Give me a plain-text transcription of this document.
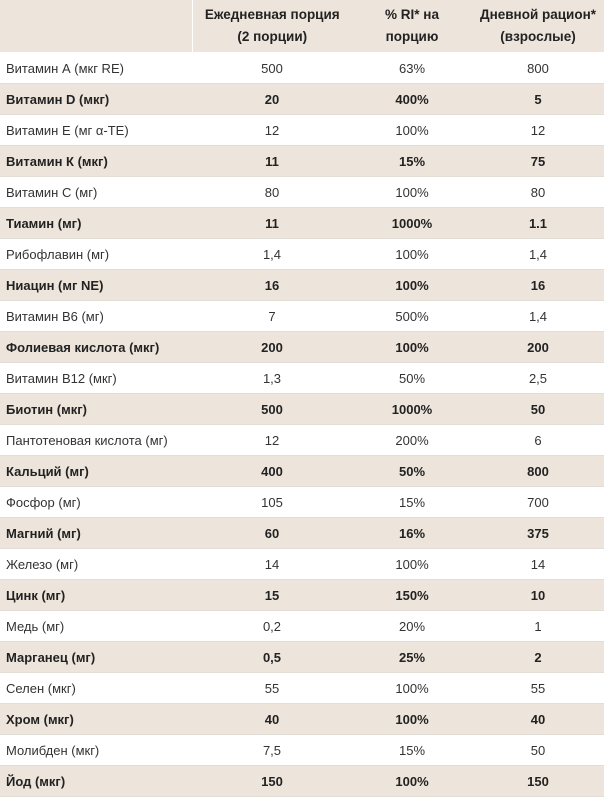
	Ежедневная порция (2 порции)	% RI* на порцию	Дневной рацион* (взрослые)
Витамин А (мкг RE)	500	63%	800
Витамин D (мкг)	20	400%	5
Витамин Е (мг α-TE)	12	100%	12
Витамин К (мкг)	11	15%	75
Витамин С (мг)	80	100%	80
Тиамин (мг)	11	1000%	1.1
Рибофлавин (мг)	1,4	100%	1,4
Ниацин (мг NE)	16	100%	16
Витамин В6 (мг)	7	500%	1,4
Фолиевая кислота (мкг)	200	100%	200
Витамин В12 (мкг)	1,3	50%	2,5
Биотин (мкг)	500	1000%	50
Пантотеновая кислота (мг)	12	200%	6
Кальций (мг)	400	50%	800
Фосфор (мг)	105	15%	700
Магний (мг)	60	16%	375
Железо (мг)	14	100%	14
Цинк (мг)	15	150%	10
Медь (мг)	0,2	20%	1
Марганец (мг)	0,5	25%	2
Селен (мкг)	55	100%	55
Хром (мкг)	40	100%	40
Молибден (мкг)	7,5	15%	50
Йод (мкг)	150	100%	150
